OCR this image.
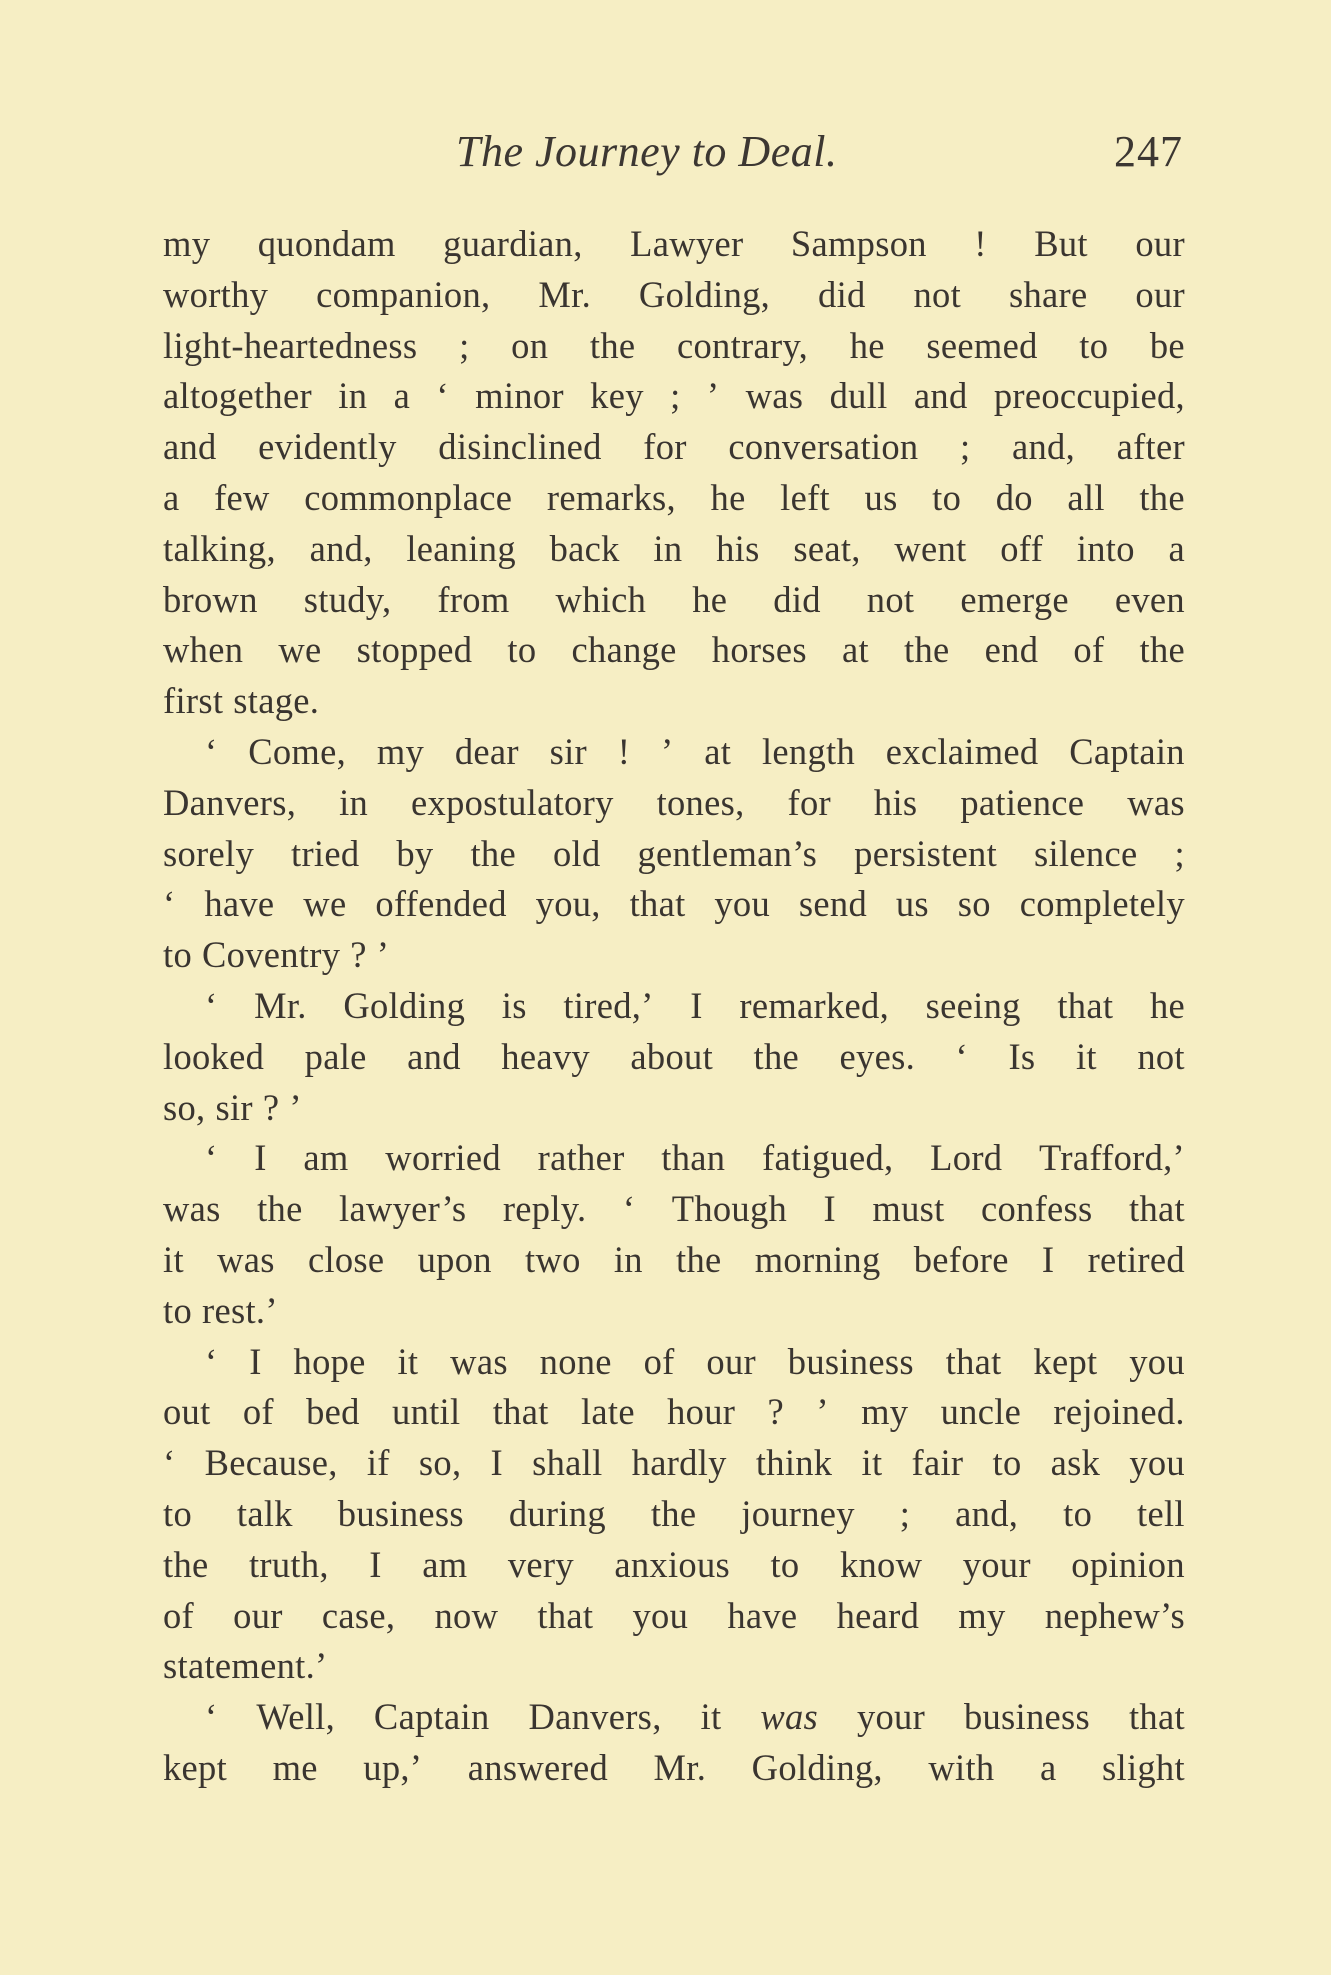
The Journey to Deal.	247
my quondam guardian, Lawyer Sampson ! But our
worthy companion, Mr. Golding, did not share our
light-heartedness ; on the contrary, he seemed to be
altogether in a ‘ minor key ; ’ was dull and preoccupied,
and evidently disinclined for conversation ; and, after
a few commonplace remarks, he left us to do all the
talking, and, leaning back in his seat, went off into a
brown study, from which he did not emerge even
when we stopped to change horses at the end of the
first stage.
‘ Come, my dear sir ! ’ at length exclaimed Captain
Danvers, in expostulatory tones, for his patience was
sorely tried by the old gentleman’s persistent silence ;
‘ have we offended you, that you send us so completely
to Coventry ? ’
‘ Mr. Golding is tired,’ I remarked, seeing that he
looked pale and heavy about the eyes. ‘ Is it not
so, sir ? ’
‘ I am worried rather than fatigued, Lord Trafford,’
was the lawyer’s reply. ‘ Though I must confess that
it was close upon two in the morning before I retired
to rest.’
‘ I hope it was none of our business that kept you
out of bed until that late hour ? ’ my uncle rejoined.
‘ Because, if so, I shall hardly think it fair to ask you
to talk business during the journey ; and, to tell
the truth, I am very anxious to know your opinion
of our case, now that you have heard my nephew’s
statement.’
‘ Well, Captain Danvers, it was your business that
kept me up,’ answered Mr. Golding, with a slight
